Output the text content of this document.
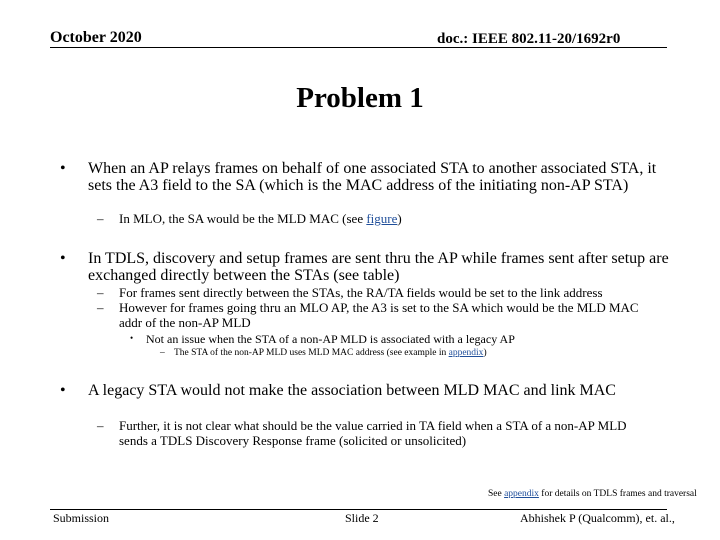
October 2020	doc.: IEEE 802.11-20/1692r0
Problem 1
• When an AP relays frames on behalf of one associated STA to another associated STA, it sets the A3 field to the SA (which is the MAC address of the initiating non-AP STA)
– In MLO, the SA would be the MLD MAC (see figure)
• In TDLS, discovery and setup frames are sent thru the AP while frames sent after setup are exchanged directly between the STAs (see table)
– For frames sent directly between the STAs, the RA/TA fields would be set to the link address
– However for frames going thru an MLO AP, the A3 is set to the SA which would be the MLD MAC addr of the non-AP MLD
• Not an issue when the STA of a non-AP MLD is associated with a legacy AP
– The STA of the non-AP MLD uses MLD MAC address (see example in appendix)
• A legacy STA would not make the association between MLD MAC and link MAC
– Further, it is not clear what should be the value carried in TA field when a STA of a non-AP MLD sends a TDLS Discovery Response frame (solicited or unsolicited)
See appendix for details on TDLS frames and traversal
Submission	Slide 2	Abhishek P (Qualcomm), et. al.,
